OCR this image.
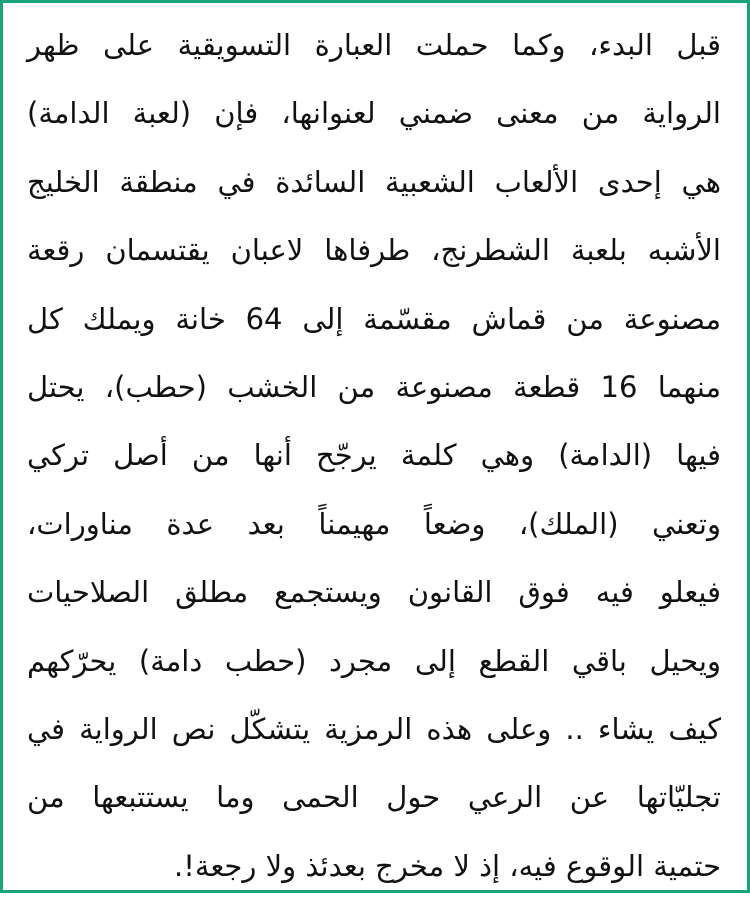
قبل البدء، وكما حملت العبارة التسويقية على ظهر
الرواية من معنى ضمني لعنوانها، فإن (لعبة الدامة)
هي إحدى الألعاب الشعبية السائدة في منطقة الخليج
الأشبه بلعبة الشطرنج، طرفاها لاعبان يقتسمان رقعة
مصنوعة من قماش مقسّمة إلى 64 خانة ويملك كل
منهما 16 قطعة مصنوعة من الخشب (حطب)، يحتل
فيها (الدامة) وهي كلمة يرجّح أنها من أصل تركي
وتعني (الملك)، وضعاً مهيمناً بعد عدة مناورات،
فيعلو فيه فوق القانون ويستجمع مطلق الصلاحيات
ويحيل باقي القطع إلى مجرد (حطب دامة) يحرّكهم
كيف يشاء .. وعلى هذه الرمزية يتشكّل نص الرواية في
تجليّاتها عن الرعي حول الحمى وما يستتبعها من
حتمية الوقوع فيه، إذ لا مخرج بعدئذ ولا رجعة!.
